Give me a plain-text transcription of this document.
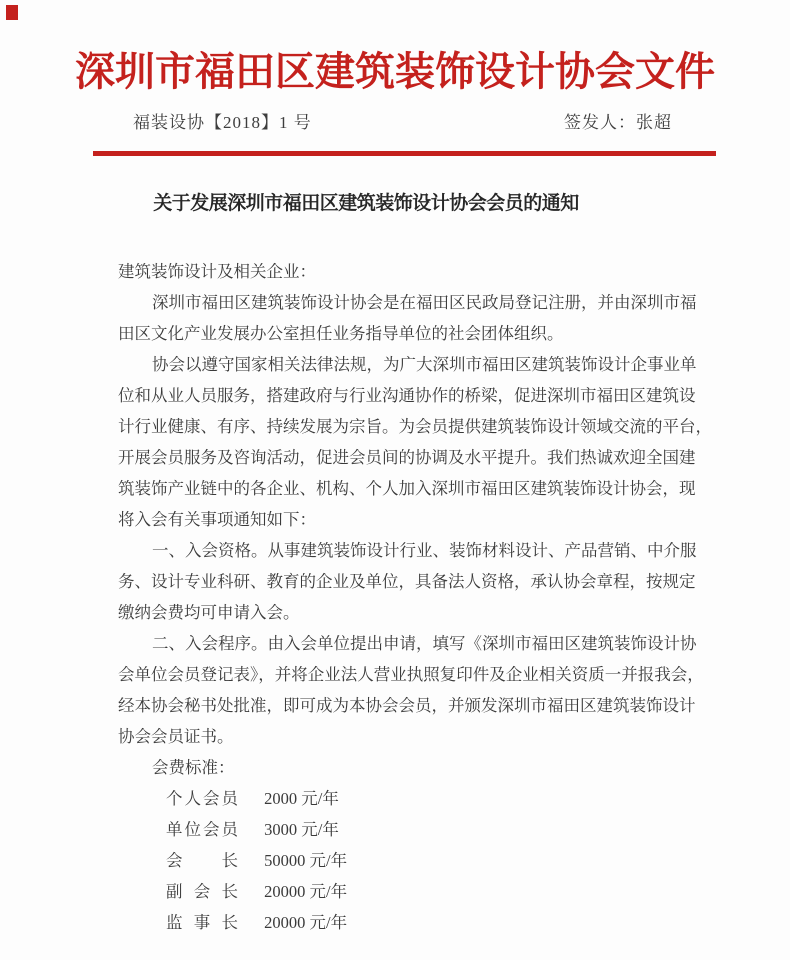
深圳市福田区建筑装饰设计协会文件
福装设协【2018】1 号	签发人：张超
关于发展深圳市福田区建筑装饰设计协会会员的通知
建筑装饰设计及相关企业：
深圳市福田区建筑装饰设计协会是在福田区民政局登记注册，并由深圳市福
田区文化产业发展办公室担任业务指导单位的社会团体组织。
协会以遵守国家相关法律法规，为广大深圳市福田区建筑装饰设计企事业单
位和从业人员服务，搭建政府与行业沟通协作的桥梁，促进深圳市福田区建筑设
计行业健康、有序、持续发展为宗旨。为会员提供建筑装饰设计领域交流的平台，
开展会员服务及咨询活动，促进会员间的协调及水平提升。我们热诚欢迎全国建
筑装饰产业链中的各企业、机构、个人加入深圳市福田区建筑装饰设计协会，现
将入会有关事项通知如下：
一、入会资格。从事建筑装饰设计行业、装饰材料设计、产品营销、中介服
务、设计专业科研、教育的企业及单位，具备法人资格，承认协会章程，按规定
缴纳会费均可申请入会。
二、入会程序。由入会单位提出申请，填写《深圳市福田区建筑装饰设计协
会单位会员登记表》，并将企业法人营业执照复印件及企业相关资质一并报我会，
经本协会秘书处批准，即可成为本协会会员，并颁发深圳市福田区建筑装饰设计
协会会员证书。
会费标准：
个人会员 2000 元/年
单位会员 3000 元/年
会长 50000 元/年
副会长 20000 元/年
监事长 20000 元/年
